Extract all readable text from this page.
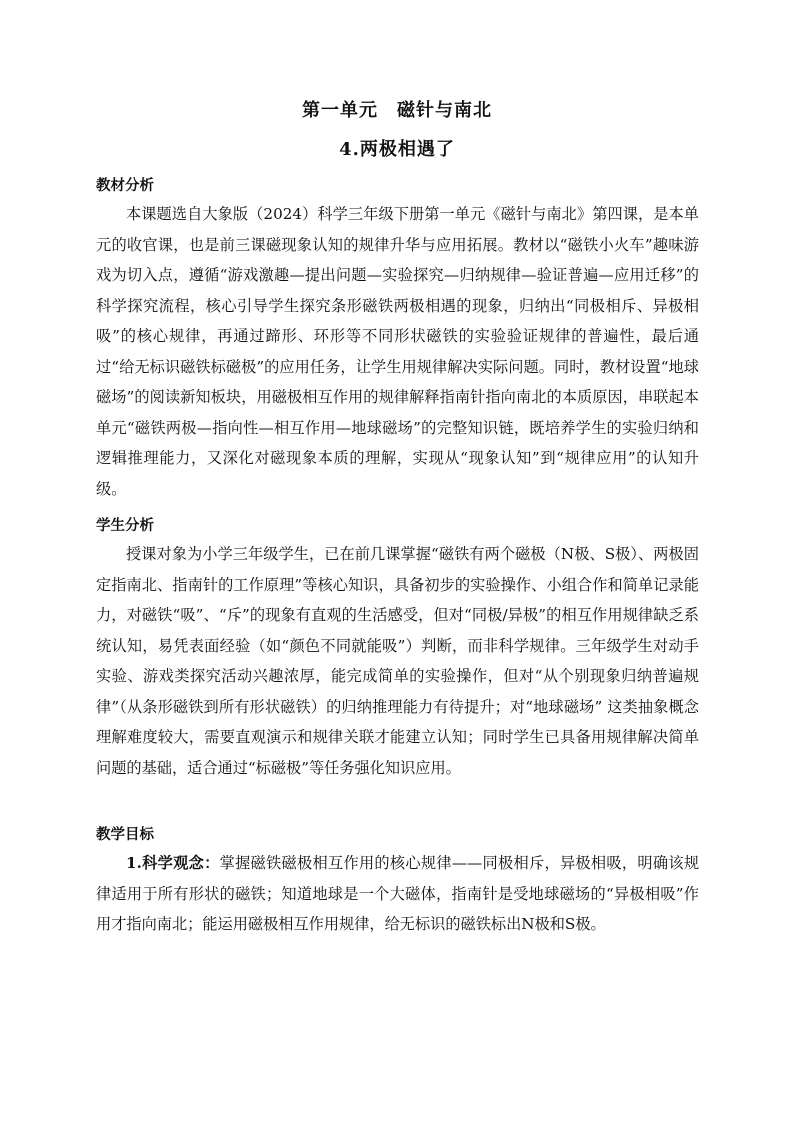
第一单元　磁针与南北
4.两极相遇了
教材分析

本课题选自大象版（2024）科学三年级下册第一单元《磁针与南北》第四课，是本单元的收官课，也是前三课磁现象认知的规律升华与应用拓展。教材以“磁铁小火车”趣味游戏为切入点，遵循“游戏激趣—提出问题—实验探究—归纳规律—验证普遍—应用迁移”的科学探究流程，核心引导学生探究条形磁铁两极相遇的现象，归纳出“同极相斥、异极相吸”的核心规律，再通过蹄形、环形等不同形状磁铁的实验验证规律的普遍性，最后通过“给无标识磁铁标磁极”的应用任务，让学生用规律解决实际问题。同时，教材设置“地球磁场”的阅读新知板块，用磁极相互作用的规律解释指南针指向南北的本质原因，串联起本单元“磁铁两极—指向性—相互作用—地球磁场”的完整知识链，既培养学生的实验归纳和逻辑推理能力，又深化对磁现象本质的理解，实现从“现象认知”到“规律应用”的认知升级。

学生分析

授课对象为小学三年级学生，已在前几课掌握“磁铁有两个磁极（N极、S极）、两极固定指南北、指南针的工作原理”等核心知识，具备初步的实验操作、小组合作和简单记录能力，对磁铁“吸”、“斥”的现象有直观的生活感受，但对“同极/异极”的相互作用规律缺乏系统认知，易凭表面经验（如“颜色不同就能吸”）判断，而非科学规律。三年级学生对动手实验、游戏类探究活动兴趣浓厚，能完成简单的实验操作，但对“从个别现象归纳普遍规律”（从条形磁铁到所有形状磁铁）的归纳推理能力有待提升；对“地球磁场” 这类抽象概念理解难度较大，需要直观演示和规律关联才能建立认知；同时学生已具备用规律解决简单问题的基础，适合通过“标磁极”等任务强化知识应用。

教学目标

1.科学观念：掌握磁铁磁极相互作用的核心规律——同极相斥，异极相吸，明确该规律适用于所有形状的磁铁；知道地球是一个大磁体，指南针是受地球磁场的“异极相吸”作用才指向南北；能运用磁极相互作用规律，给无标识的磁铁标出N极和S极。
